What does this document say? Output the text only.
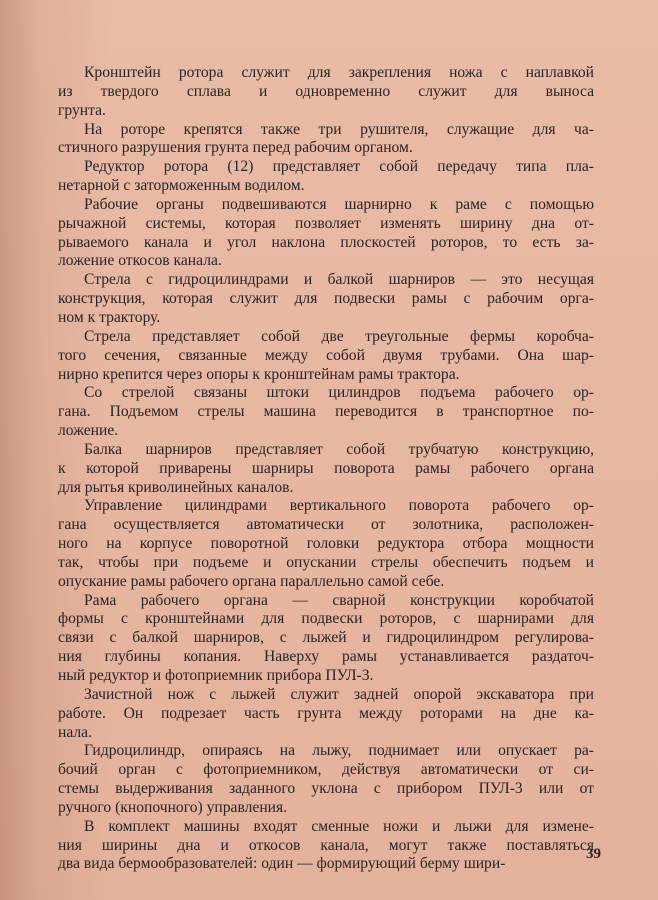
Кронштейн ротора служит для закрепления ножа с наплавкой
из твердого сплава и одновременно служит для выноса
грунта.
На роторе крепятся также три рушителя, служащие для ча-
стичного разрушения грунта перед рабочим органом.
Редуктор ротора (12) представляет собой передачу типа пла-
нетарной с заторможенным водилом.
Рабочие органы подвешиваются шарнирно к раме с помощью
рычажной системы, которая позволяет изменять ширину дна от-
рываемого канала и угол наклона плоскостей роторов, то есть за-
ложение откосов канала.
Стрела с гидроцилиндрами и балкой шарниров — это несущая
конструкция, которая служит для подвески рамы с рабочим орга-
ном к трактору.
Стрела представляет собой две треугольные фермы коробча-
того сечения, связанные между собой двумя трубами. Она шар-
нирно крепится через опоры к кронштейнам рамы трактора.
Со стрелой связаны штоки цилиндров подъема рабочего ор-
гана. Подъемом стрелы машина переводится в транспортное по-
ложение.
Балка шарниров представляет собой трубчатую конструкцию,
к которой приварены шарниры поворота рамы рабочего органа
для рытья криволинейных каналов.
Управление цилиндрами вертикального поворота рабочего ор-
гана осуществляется автоматически от золотника, расположен-
ного на корпусе поворотной головки редуктора отбора мощности
так, чтобы при подъеме и опускании стрелы обеспечить подъем и
опускание рамы рабочего органа параллельно самой себе.
Рама рабочего органа — сварной конструкции коробчатой
формы с кронштейнами для подвески роторов, с шарнирами для
связи с балкой шарниров, с лыжей и гидроцилиндром регулирова-
ния глубины копания. Наверху рамы устанавливается раздаточ-
ный редуктор и фотоприемник прибора ПУЛ-3.
Зачистной нож с лыжей служит задней опорой экскаватора при
работе. Он подрезает часть грунта между роторами на дне ка-
нала.
Гидроцилиндр, опираясь на лыжу, поднимает или опускает ра-
бочий орган с фотоприемником, действуя автоматически от си-
стемы выдерживания заданного уклона с прибором ПУЛ-3 или от
ручного (кнопочного) управления.
В комплект машины входят сменные ножи и лыжи для измене-
ния ширины дна и откосов канала, могут также поставляться
два вида бермообразователей: один — формирующий берму шири-
39
